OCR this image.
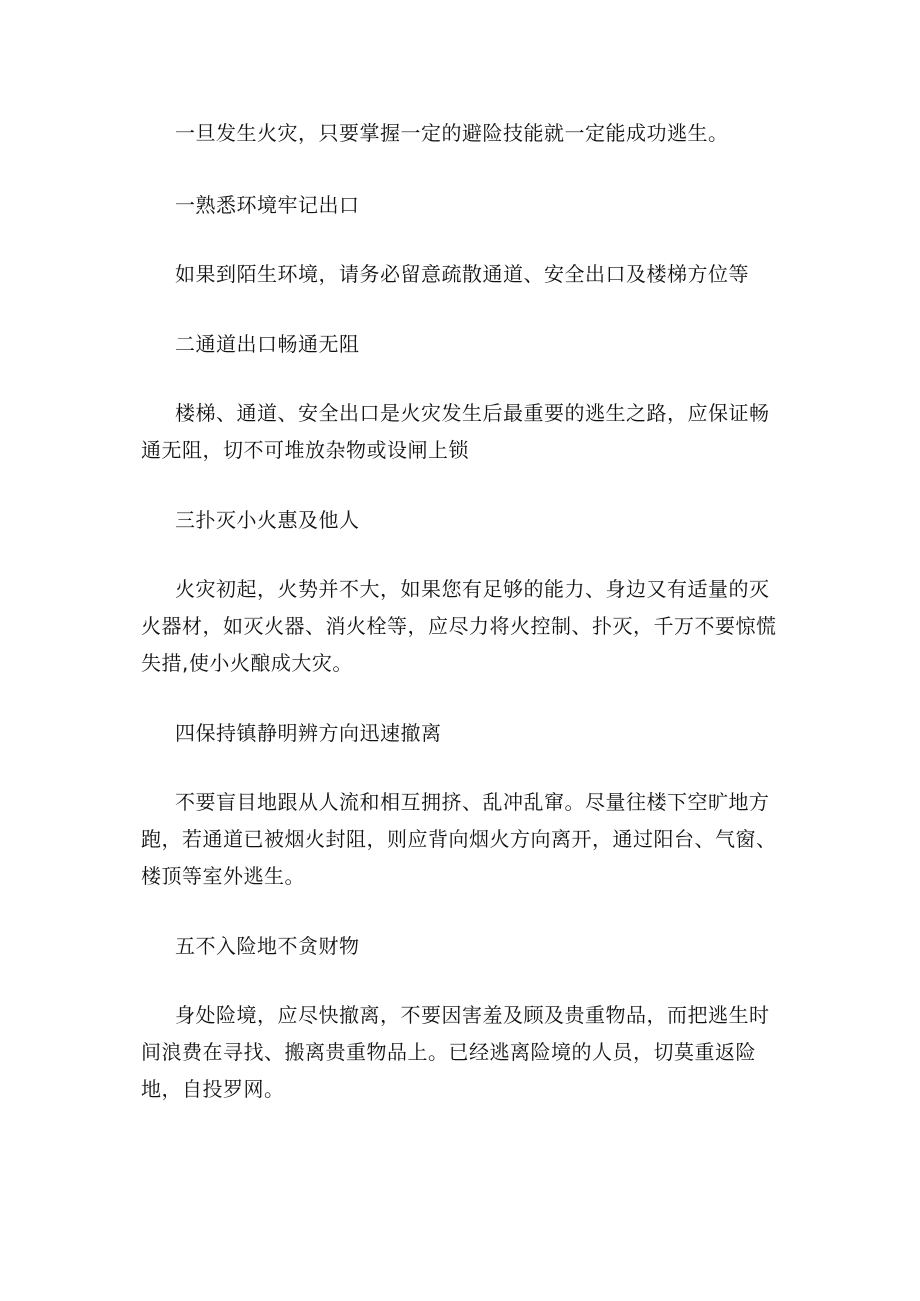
一旦发生火灾，只要掌握一定的避险技能就一定能成功逃生。

一熟悉环境牢记出口

如果到陌生环境，请务必留意疏散通道、安全出口及楼梯方位等

二通道出口畅通无阻

楼梯、通道、安全出口是火灾发生后最重要的逃生之路，应保证畅通无阻，切不可堆放杂物或设闸上锁

三扑灭小火惠及他人

火灾初起，火势并不大，如果您有足够的能力、身边又有适量的灭火器材，如灭火器、消火栓等，应尽力将火控制、扑灭，千万不要惊慌失措,使小火酿成大灾。

四保持镇静明辨方向迅速撤离

不要盲目地跟从人流和相互拥挤、乱冲乱窜。尽量往楼下空旷地方跑，若通道已被烟火封阻，则应背向烟火方向离开，通过阳台、气窗、楼顶等室外逃生。

五不入险地不贪财物

身处险境，应尽快撤离，不要因害羞及顾及贵重物品，而把逃生时间浪费在寻找、搬离贵重物品上。已经逃离险境的人员，切莫重返险地，自投罗网。
